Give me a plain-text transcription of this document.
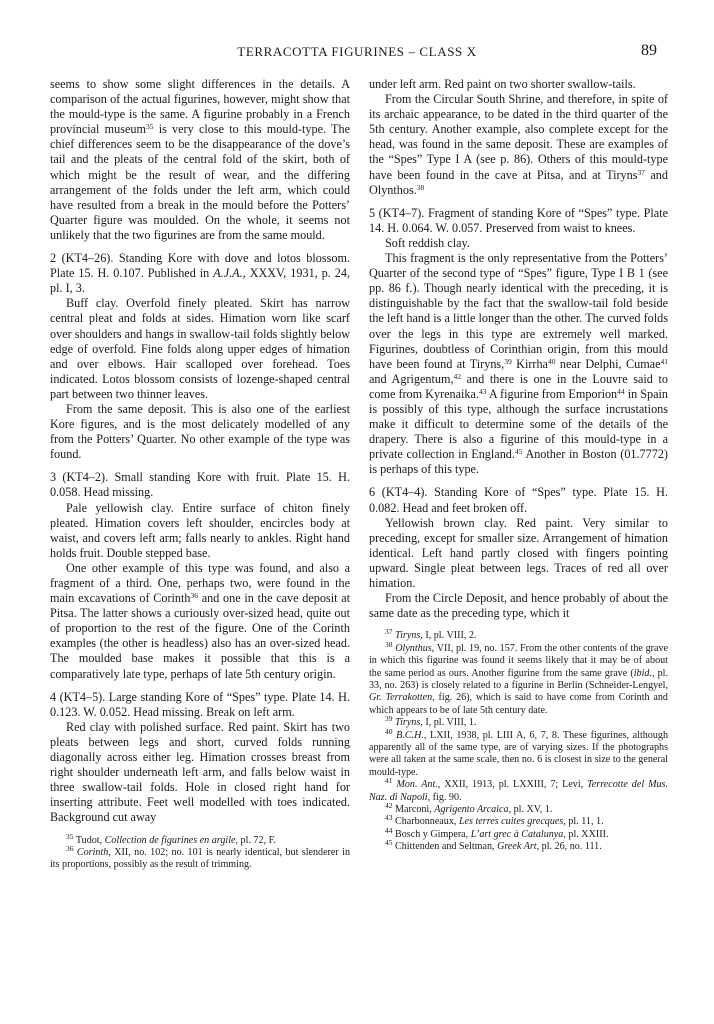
TERRACOTTA FIGURINES – CLASS X	89

seems to show some slight differences in the details. A comparison of the actual figurines, however, might show that the mould-type is the same. A figurine probably in a French provincial museum$^{35}$ is very close to this mould-type. The chief differences seem to be the disappearance of the dove’s tail and the pleats of the central fold of the skirt, both of which might be the result of wear, and the differing arrangement of the folds under the left arm, which could have resulted from a break in the mould before the Potters’ Quarter figure was moulded. On the whole, it seems not unlikely that the two figurines are from the same mould.

2 (KT4–26). Standing Kore with dove and lotos blossom. Plate 15. H. 0.107. Published in A.J.A., XXXV, 1931, p. 24, pl. I, 3.

Buff clay. Overfold finely pleated. Skirt has narrow central pleat and folds at sides. Himation worn like scarf over shoulders and hangs in swallow-tail folds slightly below edge of overfold. Fine folds along upper edges of himation and over elbows. Hair scalloped over forehead. Toes indicated. Lotos blossom consists of lozenge-shaped central part between two thinner leaves.

From the same deposit. This is also one of the earliest Kore figures, and is the most delicately modelled of any from the Potters’ Quarter. No other example of the type was found.

3 (KT4–2). Small standing Kore with fruit. Plate 15. H. 0.058. Head missing.

Pale yellowish clay. Entire surface of chiton finely pleated. Himation covers left shoulder, encircles body at waist, and covers left arm; falls nearly to ankles. Right hand holds fruit. Double stepped base.

One other example of this type was found, and also a fragment of a third. One, perhaps two, were found in the main excavations of Corinth$^{36}$ and one in the cave deposit at Pitsa. The latter shows a curiously over-sized head, quite out of proportion to the rest of the figure. One of the Corinth examples (the other is headless) also has an over-sized head. The moulded base makes it possible that this is a comparatively late type, perhaps of late 5th century origin.

4 (KT4–5). Large standing Kore of “Spes” type. Plate 14. H. 0.123. W. 0.052. Head missing. Break on left arm.

Red clay with polished surface. Red paint. Skirt has two pleats between legs and short, curved folds running diagonally across either leg. Himation crosses breast from right shoulder underneath left arm, and falls below waist in three swallow-tail folds. Hole in closed right hand for inserting attribute. Feet well modelled with toes indicated. Background cut away

$^{35}$ Tudot, Collection de figurines en argile, pl. 72, F.

$^{36}$ Corinth, XII, no. 102; no. 101 is nearly identical, but slenderer in its proportions, possibly as the result of trimming.

under left arm. Red paint on two shorter swallow-tails.

From the Circular South Shrine, and therefore, in spite of its archaic appearance, to be dated in the third quarter of the 5th century. Another example, also complete except for the head, was found in the same deposit. These are examples of the “Spes” Type I A (see p. 86). Others of this mould-type have been found in the cave at Pitsa, and at Tiryns$^{37}$ and Olynthos.$^{38}$

5 (KT4–7). Fragment of standing Kore of “Spes” type. Plate 14. H. 0.064. W. 0.057. Preserved from waist to knees.

Soft reddish clay.

This fragment is the only representative from the Potters’ Quarter of the second type of “Spes” figure, Type I B 1 (see pp. 86 f.). Though nearly identical with the preceding, it is distinguishable by the fact that the swallow-tail fold beside the left hand is a little longer than the other. The curved folds over the legs in this type are extremely well marked. Figurines, doubtless of Corinthian origin, from this mould have been found at Tiryns,$^{39}$ Kirrha$^{40}$ near Delphi, Cumae$^{41}$ and Agrigentum,$^{42}$ and there is one in the Louvre said to come from Kyrenaika.$^{43}$ A figurine from Emporion$^{44}$ in Spain is possibly of this type, although the surface incrustations make it difficult to determine some of the details of the drapery. There is also a figurine of this mould-type in a private collection in England.$^{45}$ Another in Boston (01.7772) is perhaps of this type.

6 (KT4–4). Standing Kore of “Spes” type. Plate 15. H. 0.082. Head and feet broken off.

Yellowish brown clay. Red paint. Very similar to preceding, except for smaller size. Arrangement of himation identical. Left hand partly closed with fingers pointing upward. Single pleat between legs. Traces of red all over himation.

From the Circle Deposit, and hence probably of about the same date as the preceding type, which it

$^{37}$ Tiryns, I, pl. VIII, 2.

$^{38}$ Olynthus, VII, pl. 19, no. 157. From the other contents of the grave in which this figurine was found it seems likely that it may be of about the same period as ours. Another figurine from the same grave (ibid., pl. 33, no. 263) is closely related to a figurine in Berlin (Schneider-Lengyel, Gr. Terrakotten, fig. 26), which is said to have come from Corinth and which appears to be of late 5th century date.

$^{39}$ Tiryns, I, pl. VIII, 1.

$^{40}$ B.C.H., LXII, 1938, pl. LIII A, 6, 7, 8. These figurines, although apparently all of the same type, are of varying sizes. If the photographs were all taken at the same scale, then no. 6 is closest in size to the general mould-type.

$^{41}$ Mon. Ant., XXII, 1913, pl. LXXIII, 7; Levi, Terrecotte del Mus. Naz. di Napoli, fig. 90.

$^{42}$ Marconi, Agrigento Arcaica, pl. XV, 1.

$^{43}$ Charbonneaux, Les terres cuites grecques, pl. 11, 1.

$^{44}$ Bosch y Gimpera, L’art grec à Catalunya, pl. XXIII.

$^{45}$ Chittenden and Seltman, Greek Art, pl. 26, no. 111.
